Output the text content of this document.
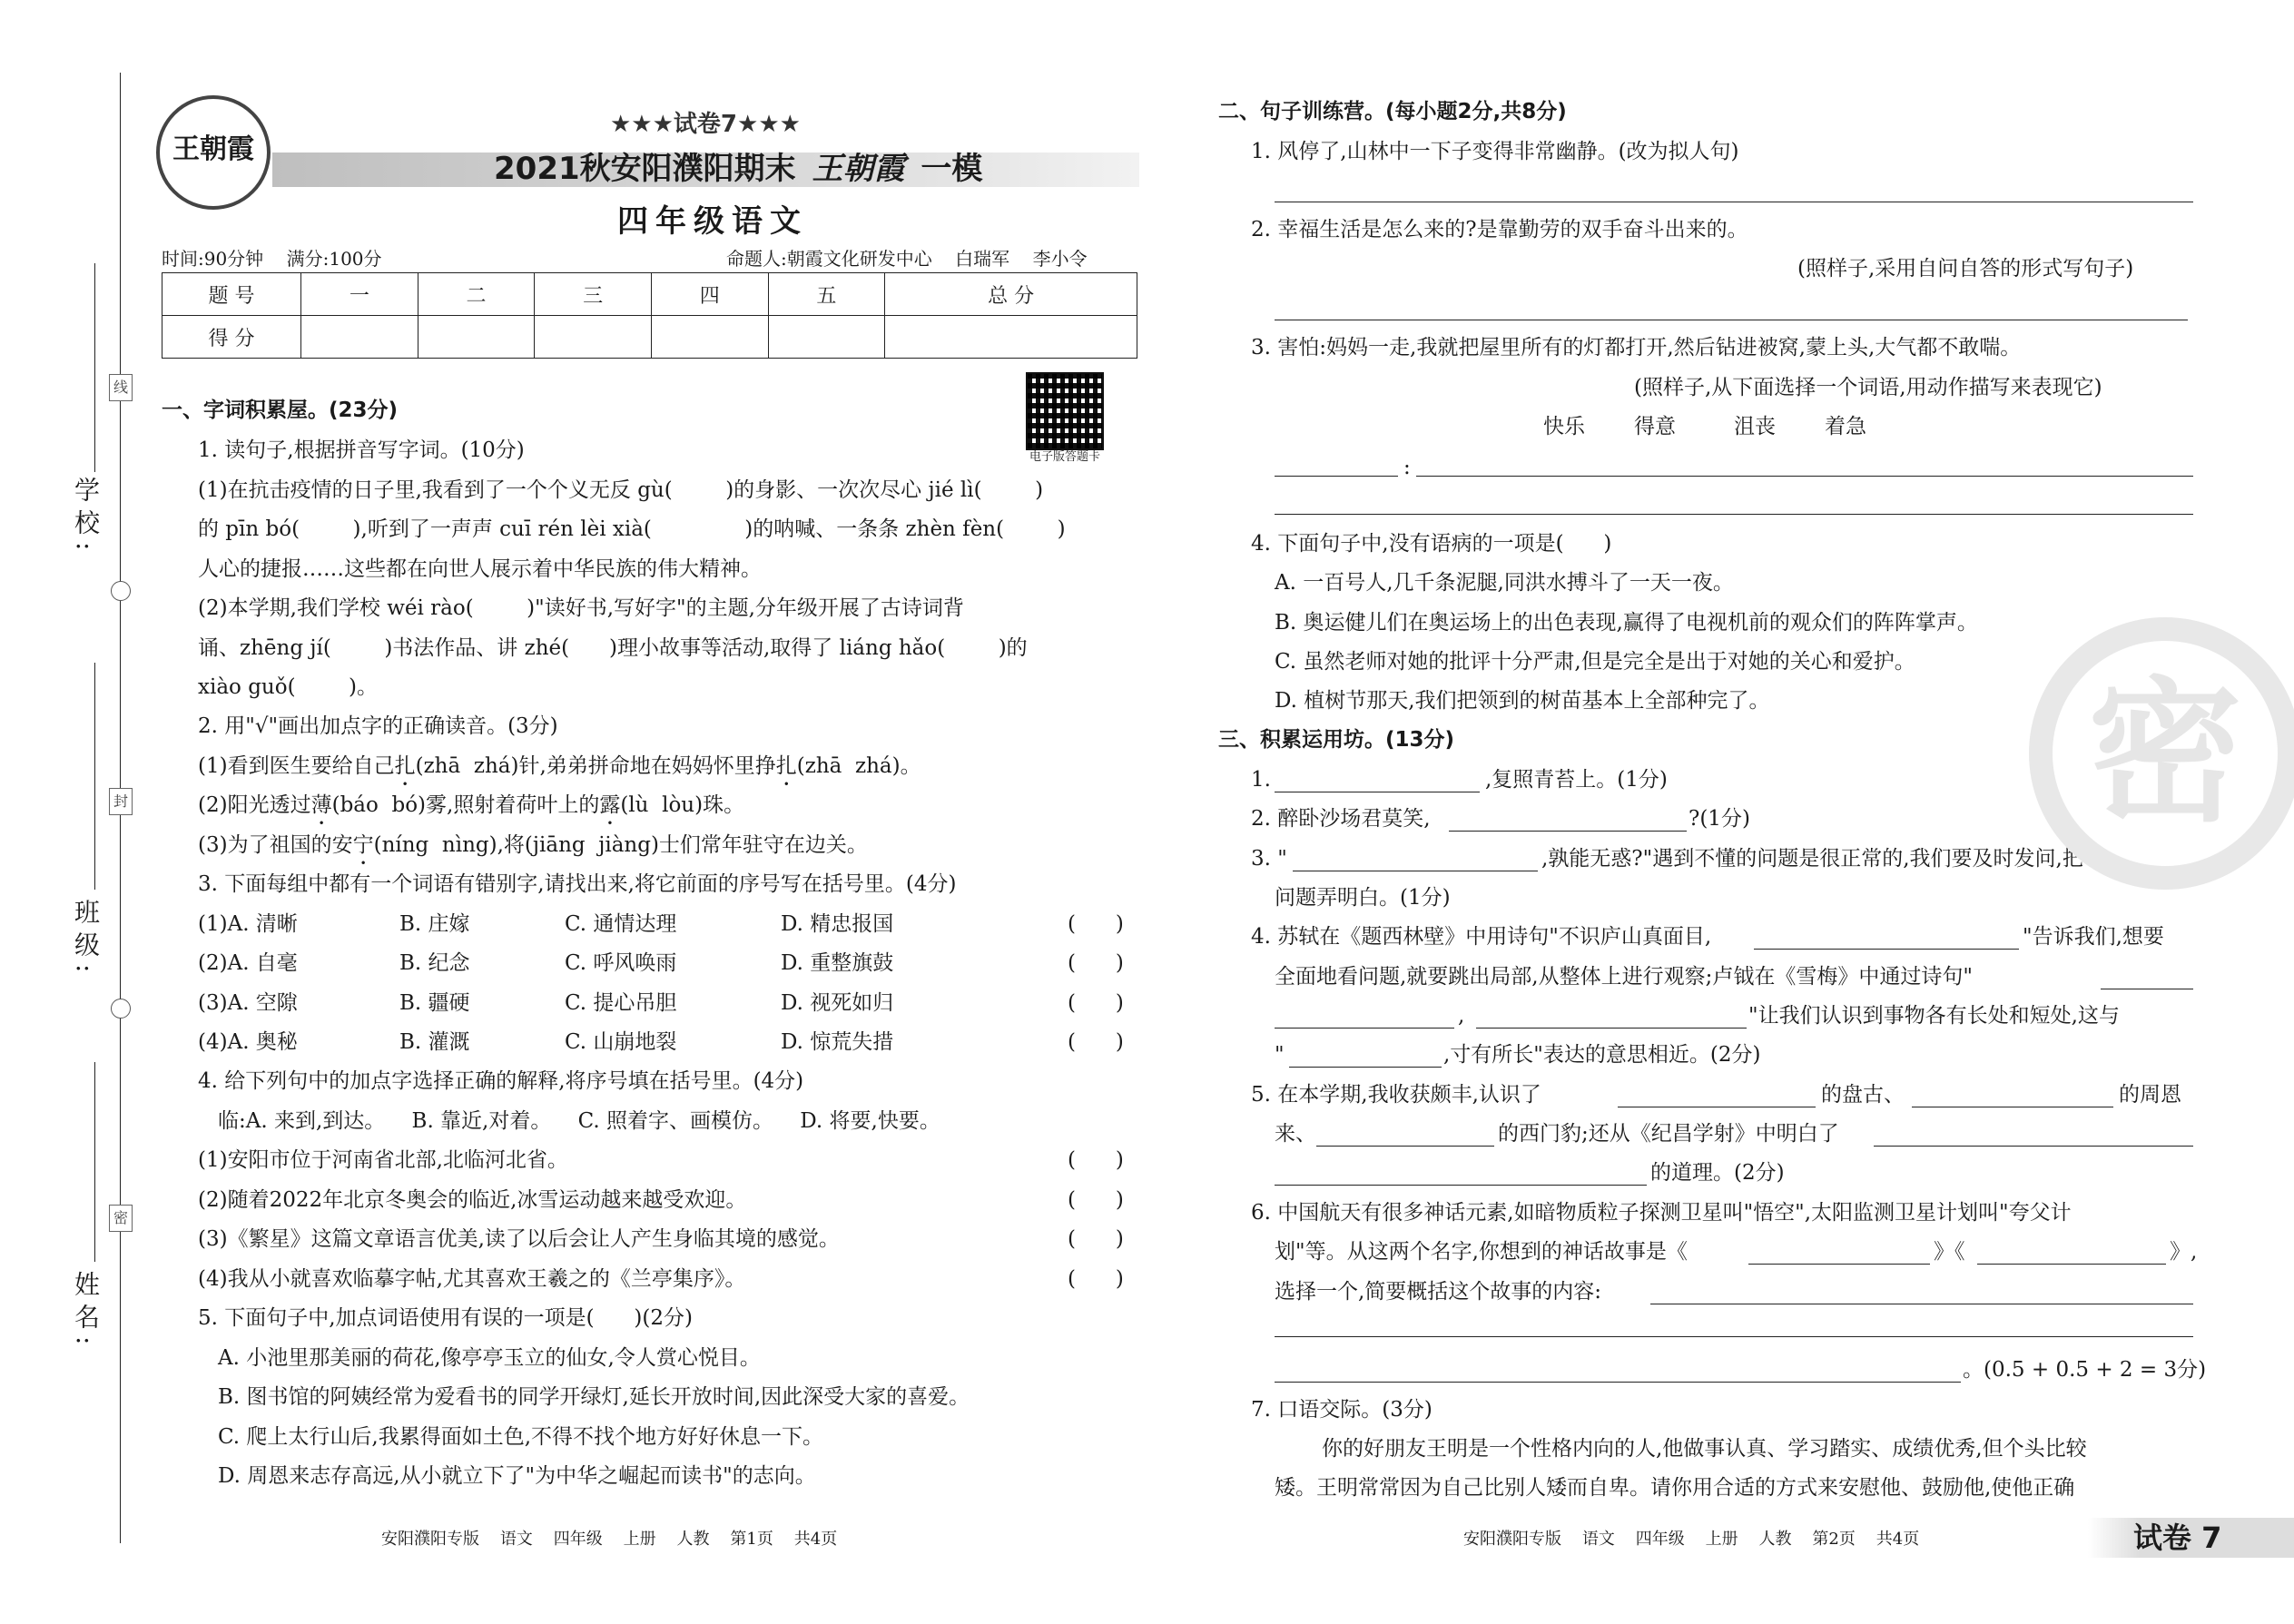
线
封
密
学校:
班级:
姓名:
王朝霞
★★★试卷7★★★
2021秋安阳濮阳期末 王朝霞 一模
四年级语文
时间:90分钟    满分:100分	命题人:朝霞文化研发中心    白瑞军    李小令
题 号	一	二	三	四	五	总 分
得 分						
电子版答题卡
一、字词积累屋。(23分)
1. 读句子,根据拼音写字词。(10分)
(1)在抗击疫情的日子里,我看到了一个个义无反 gù(        )的身影、一次次尽心 jié lì(        )
的 pīn bó(        ),听到了一声声 cuī rén lèi xià(              )的呐喊、一条条 zhèn fèn(        )
人心的捷报……这些都在向世人展示着中华民族的伟大精神。
(2)本学期,我们学校 wéi rào(        )"读好书,写好字"的主题,分年级开展了古诗词背
诵、zhēng jí(        )书法作品、讲 zhé(      )理小故事等活动,取得了 liáng hǎo(        )的
xiào guǒ(        )。
2. 用"√"画出加点字的正确读音。(3分)
(1)看到医生要给自己扎(zhā  zhá)针,弟弟拼命地在妈妈怀里挣扎(zhā  zhá)。
(2)阳光透过薄(báo  bó)雾,照射着荷叶上的露(lù  lòu)珠。
(3)为了祖国的安宁(níng  nìng),将(jiāng  jiàng)士们常年驻守在边关。
3. 下面每组中都有一个词语有错别字,请找出来,将它前面的序号写在括号里。(4分)
(1)A. 清晰	B. 庄嫁	C. 通情达理	D. 精忠报国	(      )
(2)A. 自毫	B. 纪念	C. 呼风唤雨	D. 重整旗鼓	(      )
(3)A. 空隙	B. 疆硬	C. 提心吊胆	D. 视死如归	(      )
(4)A. 奥秘	B. 灌溉	C. 山崩地裂	D. 惊荒失措	(      )
4. 给下列句中的加点字选择正确的解释,将序号填在括号里。(4分)
临:A. 来到,到达。    B. 靠近,对着。    C. 照着字、画模仿。    D. 将要,快要。
(1)安阳市位于河南省北部,北临河北省。	(      )
(2)随着2022年北京冬奥会的临近,冰雪运动越来越受欢迎。	(      )
(3)《繁星》这篇文章语言优美,读了以后会让人产生身临其境的感觉。	(      )
(4)我从小就喜欢临摹字帖,尤其喜欢王羲之的《兰亭集序》。	(      )
5. 下面句子中,加点词语使用有误的一项是(      )(2分)
A. 小池里那美丽的荷花,像亭亭玉立的仙女,令人赏心悦目。
B. 图书馆的阿姨经常为爱看书的同学开绿灯,延长开放时间,因此深受大家的喜爱。
C. 爬上太行山后,我累得面如土色,不得不找个地方好好休息一下。
D. 周恩来志存高远,从小就立下了"为中华之崛起而读书"的志向。
安阳濮阳专版    语文    四年级    上册    人教    第1页    共4页
二、句子训练营。(每小题2分,共8分)
1. 风停了,山林中一下子变得非常幽静。(改为拟人句)
2. 幸福生活是怎么来的?是靠勤劳的双手奋斗出来的。
(照样子,采用自问自答的形式写句子)
3. 害怕:妈妈一走,我就把屋里所有的灯都打开,然后钻进被窝,蒙上头,大气都不敢喘。
(照样子,从下面选择一个词语,用动作描写来表现它)
快乐 得意	沮丧 着急
:
4. 下面句子中,没有语病的一项是(      )
A. 一百号人,几千条泥腿,同洪水搏斗了一天一夜。
B. 奥运健儿们在奥运场上的出色表现,赢得了电视机前的观众们的阵阵掌声。
C. 虽然老师对她的批评十分严肃,但是完全是出于对她的关心和爱护。
D. 植树节那天,我们把领到的树苗基本上全部种完了。
三、积累运用坊。(13分)
1.	,复照青苔上。(1分)
2. 醉卧沙场君莫笑,	?(1分)
3. "	,孰能无惑?"遇到不懂的问题是很正常的,我们要及时发问,把
问题弄明白。(1分)
4. 苏轼在《题西林壁》中用诗句"不识庐山真面目,	"告诉我们,想要
全面地看问题,就要跳出局部,从整体上进行观察;卢钺在《雪梅》中通过诗句"
,	"让我们认识到事物各有长处和短处,这与
"	,寸有所长"表达的意思相近。(2分)
5. 在本学期,我收获颇丰,认识了	的盘古、	的周恩
来、	的西门豹;还从《纪昌学射》中明白了
的道理。(2分)
6. 中国航天有很多神话元素,如暗物质粒子探测卫星叫"悟空",太阳监测卫星计划叫"夸父计
划"等。从这两个名字,你想到的神话故事是《	》《	》,
选择一个,简要概括这个故事的内容:
。(0.5 + 0.5 + 2 = 3分)
7. 口语交际。(3分)
你的好朋友王明是一个性格内向的人,他做事认真、学习踏实、成绩优秀,但个头比较
矮。王明常常因为自己比别人矮而自卑。请你用合适的方式来安慰他、鼓励他,使他正确
安阳濮阳专版    语文    四年级    上册    人教    第2页    共4页	试卷 7
密
